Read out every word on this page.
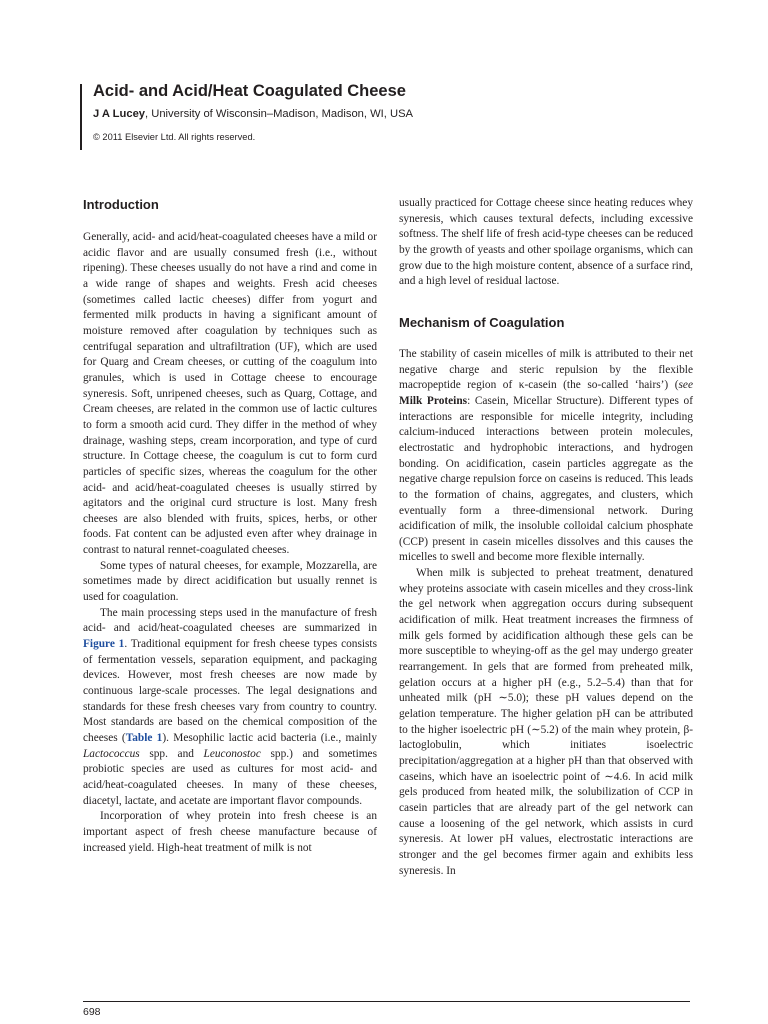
Acid- and Acid/Heat Coagulated Cheese
J A Lucey, University of Wisconsin–Madison, Madison, WI, USA
© 2011 Elsevier Ltd. All rights reserved.
Introduction

Generally, acid- and acid/heat-coagulated cheeses have a mild or acidic flavor and are usually consumed fresh (i.e., without ripening). These cheeses usually do not have a rind and come in a wide range of shapes and weights. Fresh acid cheeses (sometimes called lactic cheeses) differ from yogurt and fermented milk products in having a significant amount of moisture removed after coagulation by techniques such as centrifugal separation and ultrafiltration (UF), which are used for Quarg and Cream cheeses, or cutting of the coagulum into granules, which is used in Cottage cheese to encourage syneresis. Soft, unripened cheeses, such as Quarg, Cottage, and Cream cheeses, are related in the common use of lactic cultures to form a smooth acid curd. They differ in the method of whey drainage, washing steps, cream incorporation, and type of curd structure. In Cottage cheese, the coagulum is cut to form curd particles of specific sizes, whereas the coagulum for the other acid- and acid/heat-coagulated cheeses is usually stirred by agitators and the original curd structure is lost. Many fresh cheeses are also blended with fruits, spices, herbs, or other foods. Fat content can be adjusted even after whey drainage in contrast to natural rennet-coagulated cheeses.

Some types of natural cheeses, for example, Mozzarella, are sometimes made by direct acidification but usually rennet is used for coagulation.

The main processing steps used in the manufacture of fresh acid- and acid/heat-coagulated cheeses are summarized in Figure 1. Traditional equipment for fresh cheese types consists of fermentation vessels, separation equipment, and packaging devices. However, most fresh cheeses are now made by continuous large-scale processes. The legal designations and standards for these fresh cheeses vary from country to country. Most standards are based on the chemical composition of the cheeses (Table 1). Mesophilic lactic acid bacteria (i.e., mainly Lactococcus spp. and Leuconostoc spp.) and sometimes probiotic species are used as cultures for most acid- and acid/heat-coagulated cheeses. In many of these cheeses, diacetyl, lactate, and acetate are important flavor compounds.

Incorporation of whey protein into fresh cheese is an important aspect of fresh cheese manufacture because of increased yield. High-heat treatment of milk is not

usually practiced for Cottage cheese since heating reduces whey syneresis, which causes textural defects, including excessive softness. The shelf life of fresh acid-type cheeses can be reduced by the growth of yeasts and other spoilage organisms, which can grow due to the high moisture content, absence of a surface rind, and a high level of residual lactose.

Mechanism of Coagulation

The stability of casein micelles of milk is attributed to their net negative charge and steric repulsion by the flexible macropeptide region of κ-casein (the so-called ‘hairs’) (see Milk Proteins: Casein, Micellar Structure). Different types of interactions are responsible for micelle integrity, including calcium-induced interactions between protein molecules, electrostatic and hydrophobic interactions, and hydrogen bonding. On acidification, casein particles aggregate as the negative charge repulsion force on caseins is reduced. This leads to the formation of chains, aggregates, and clusters, which eventually form a three-dimensional network. During acidification of milk, the insoluble colloidal calcium phosphate (CCP) present in casein micelles dissolves and this causes the micelles to swell and become more flexible internally.

When milk is subjected to preheat treatment, denatured whey proteins associate with casein micelles and they cross-link the gel network when aggregation occurs during subsequent acidification of milk. Heat treatment increases the firmness of milk gels formed by acidification although these gels can be more susceptible to wheying-off as the gel may undergo greater rearrangement. In gels that are formed from preheated milk, gelation occurs at a higher pH (e.g., 5.2–5.4) than that for unheated milk (pH ∼5.0); these pH values depend on the gelation temperature. The higher gelation pH can be attributed to the higher isoelectric pH (∼5.2) of the main whey protein, β-lactoglobulin, which initiates isoelectric precipitation/aggregation at a higher pH than that observed with caseins, which have an isoelectric point of ∼4.6. In acid milk gels produced from heated milk, the solubilization of CCP in casein particles that are already part of the gel network can cause a loosening of the gel network, which assists in curd syneresis. At lower pH values, electrostatic interactions are stronger and the gel becomes firmer again and exhibits less syneresis. In

698
